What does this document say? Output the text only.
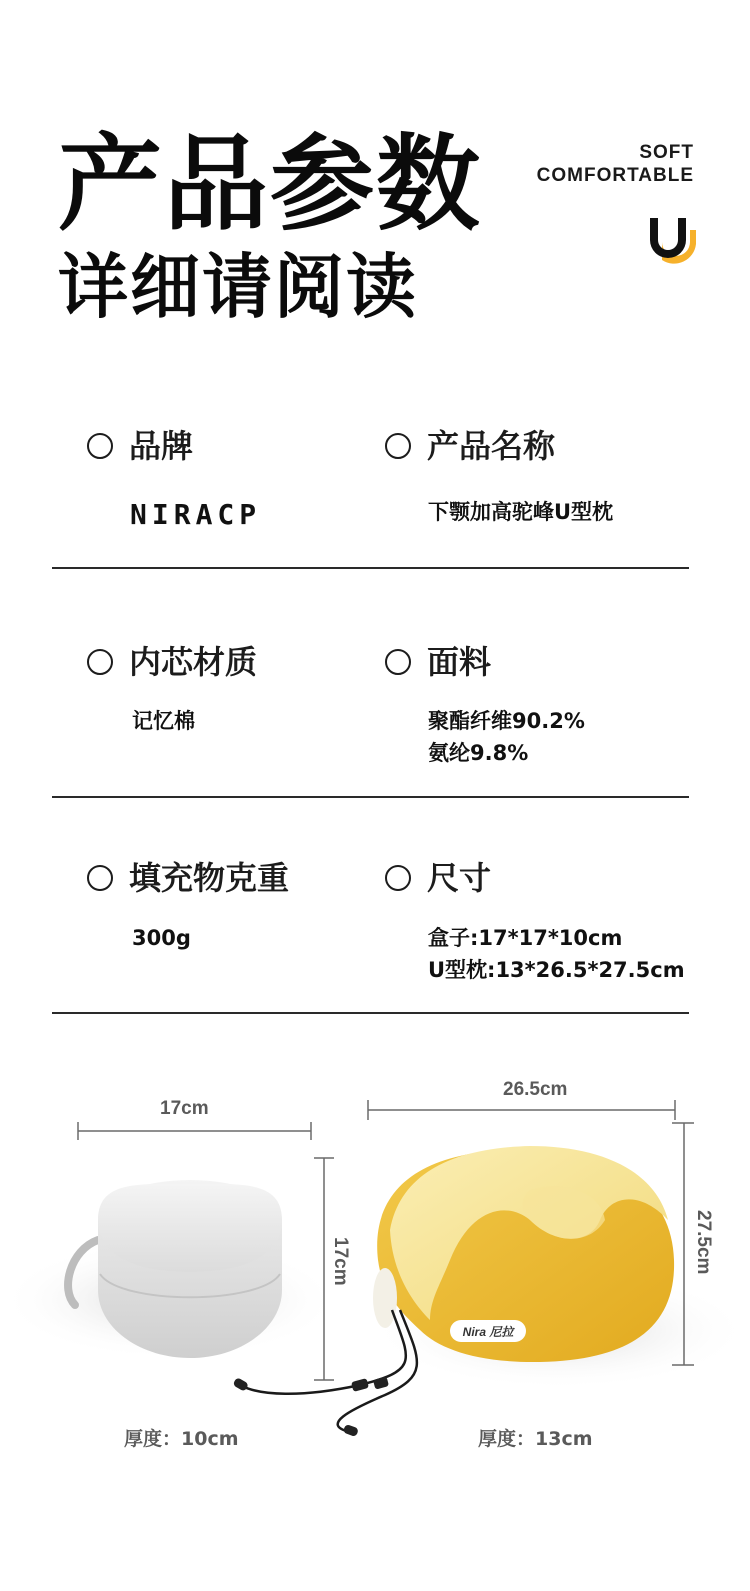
产品参数
详细请阅读
SOFT
COMFORTABLE
品牌
NIRACP
产品名称
下颚加高驼峰U型枕
内芯材质
记忆棉
面料
聚酯纤维90.2%
氨纶9.8%
填充物克重
300g
尺寸
盒子:17*17*10cm
U型枕:13*26.5*27.5cm
Nira 尼拉
17cm
17cm
26.5cm
27.5cm
厚度：10cm	厚度：13cm
